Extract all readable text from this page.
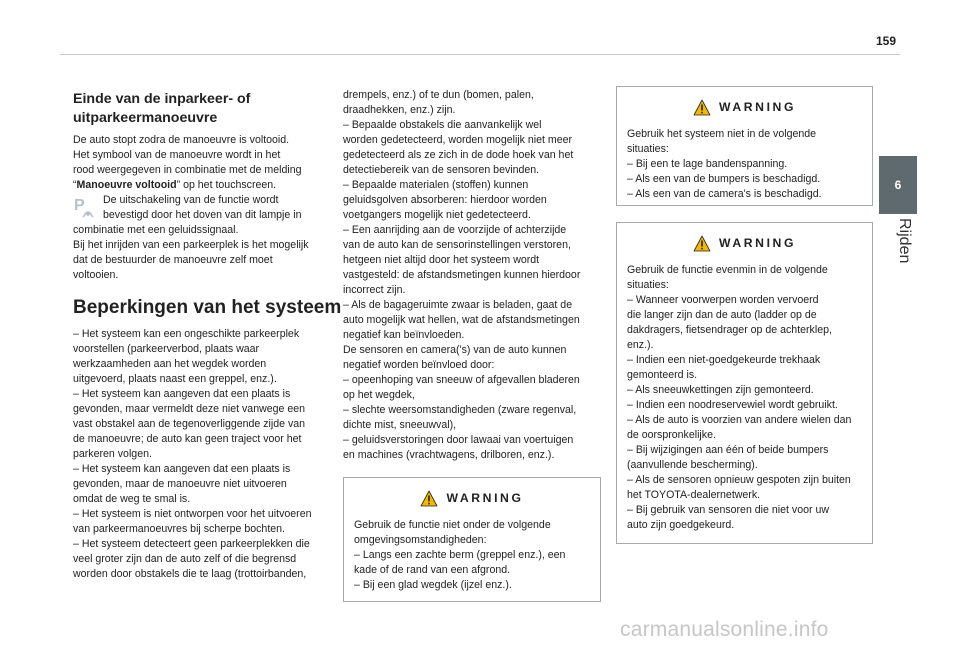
159
6
Rijden
Einde van de inparkeer- of
uitparkeermanoeuvre

De auto stopt zodra de manoeuvre is voltooid.
Het symbool van de manoeuvre wordt in het
rood weergegeven in combinatie met de melding
“Manoeuvre voltooid” op het touchscreen.

P	De uitschakeling van de functie wordt
bevestigd door het doven van dit lampje in
combinatie met een geluidssignaal.
Bij het inrijden van een parkeerplek is het mogelijk
dat de bestuurder de manoeuvre zelf moet
voltooien.

Beperkingen van het systeem

– Het systeem kan een ongeschikte parkeerplek
voorstellen (parkeerverbod, plaats waar
werkzaamheden aan het wegdek worden
uitgevoerd, plaats naast een greppel, enz.).
– Het systeem kan aangeven dat een plaats is
gevonden, maar vermeldt deze niet vanwege een
vast obstakel aan de tegenoverliggende zijde van
de manoeuvre; de auto kan geen traject voor het
parkeren volgen.
– Het systeem kan aangeven dat een plaats is
gevonden, maar de manoeuvre niet uitvoeren
omdat de weg te smal is.
– Het systeem is niet ontworpen voor het uitvoeren
van parkeermanoeuvres bij scherpe bochten.
– Het systeem detecteert geen parkeerplekken die
veel groter zijn dan de auto zelf of die begrensd
worden door obstakels die te laag (trottoirbanden,

drempels, enz.) of te dun (bomen, palen,
draadhekken, enz.) zijn.
– Bepaalde obstakels die aanvankelijk wel
worden gedetecteerd, worden mogelijk niet meer
gedetecteerd als ze zich in de dode hoek van het
detectiebereik van de sensoren bevinden.
– Bepaalde materialen (stoffen) kunnen
geluidsgolven absorberen: hierdoor worden
voetgangers mogelijk niet gedetecteerd.
– Een aanrijding aan de voorzijde of achterzijde
van de auto kan de sensorinstellingen verstoren,
hetgeen niet altijd door het systeem wordt
vastgesteld: de afstandsmetingen kunnen hierdoor
incorrect zijn.
– Als de bagageruimte zwaar is beladen, gaat de
auto mogelijk wat hellen, wat de afstandsmetingen
negatief kan beïnvloeden.
De sensoren en camera('s) van de auto kunnen
negatief worden beïnvloed door:
– opeenhoping van sneeuw of afgevallen bladeren
op het wegdek,
– slechte weersomstandigheden (zware regenval,
dichte mist, sneeuwval),
– geluidsverstoringen door lawaai van voertuigen
en machines (vrachtwagens, drilboren, enz.).

WARNING

Gebruik de functie niet onder de volgende
omgevingsomstandigheden:
– Langs een zachte berm (greppel enz.), een
kade of de rand van een afgrond.
– Bij een glad wegdek (ijzel enz.).

WARNING

Gebruik het systeem niet in de volgende
situaties:
– Bij een te lage bandenspanning.
– Als een van de bumpers is beschadigd.
– Als een van de camera's is beschadigd.

WARNING

Gebruik de functie evenmin in de volgende
situaties:
– Wanneer voorwerpen worden vervoerd
die langer zijn dan de auto (ladder op de
dakdragers, fietsendrager op de achterklep,
enz.).
– Indien een niet-goedgekeurde trekhaak
gemonteerd is.
– Als sneeuwkettingen zijn gemonteerd.
– Indien een noodreservewiel wordt gebruikt.
– Als de auto is voorzien van andere wielen dan
de oorspronkelijke.
– Bij wijzigingen aan één of beide bumpers
(aanvullende bescherming).
– Als de sensoren opnieuw gespoten zijn buiten
het TOYOTA-dealernetwerk.
– Bij gebruik van sensoren die niet voor uw
auto zijn goedgekeurd.

carmanualsonline.info
